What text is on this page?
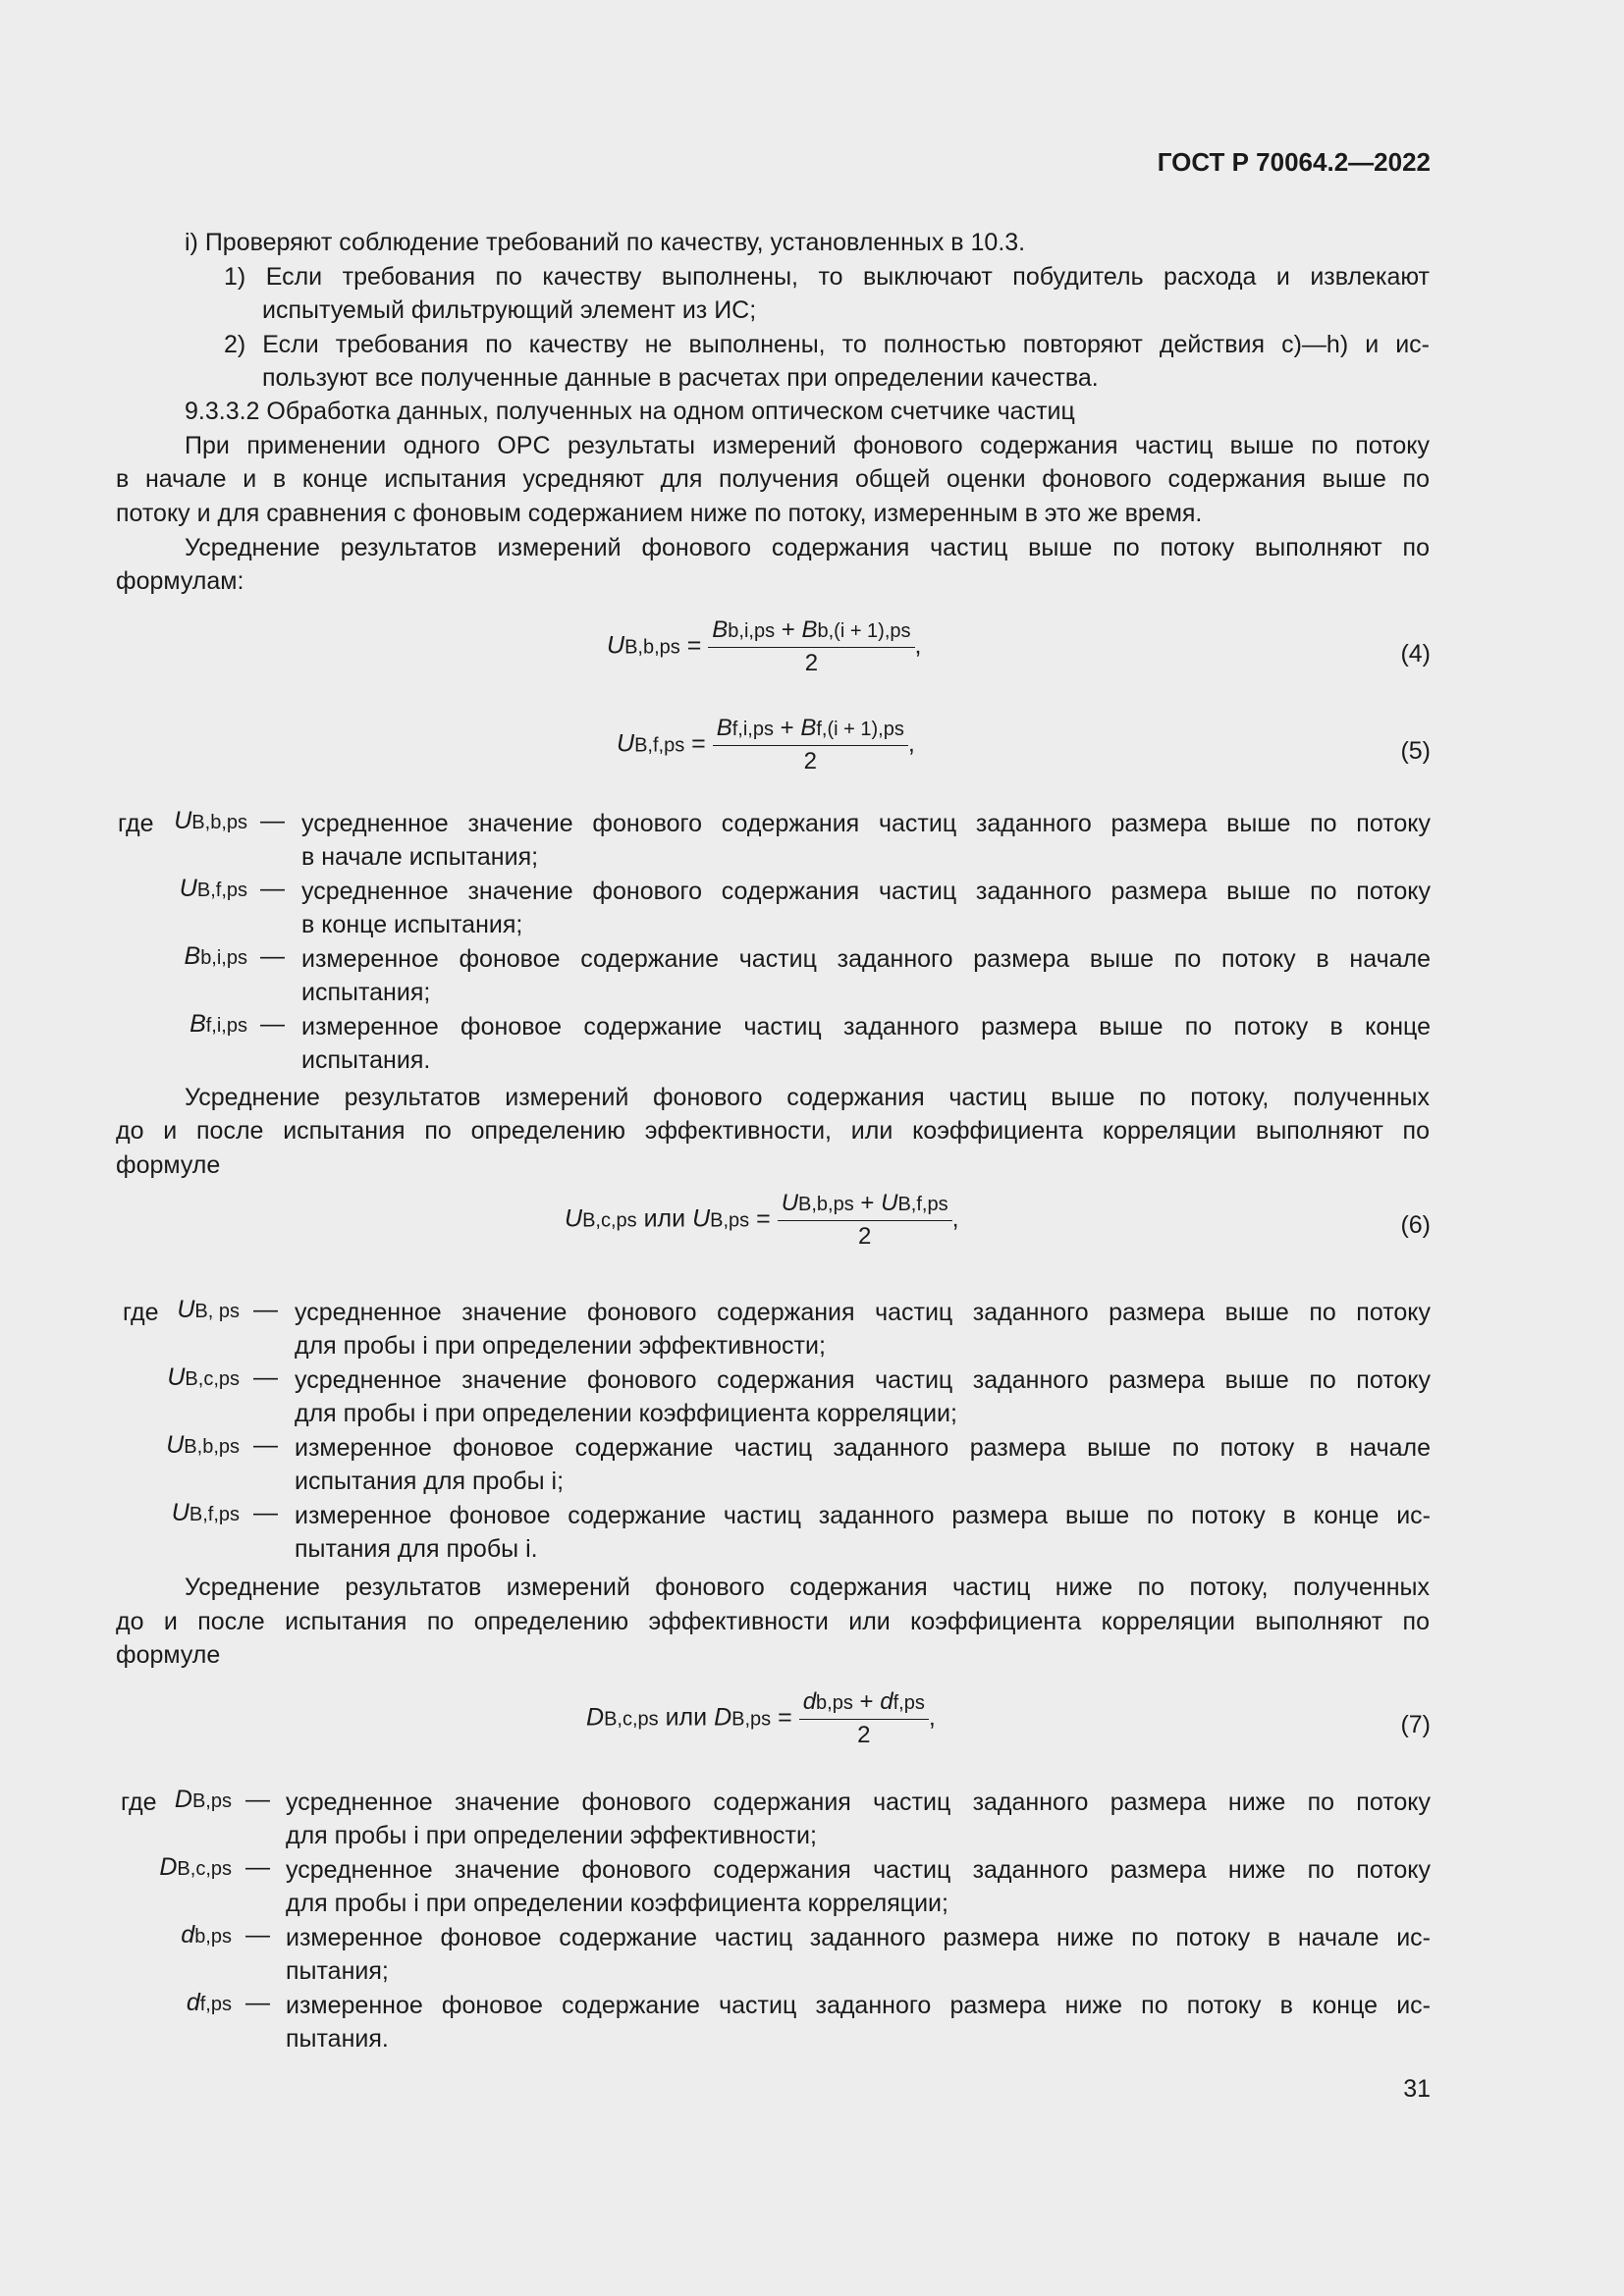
ГОСТ Р 70064.2—2022
i) Проверяют соблюдение требований по качеству, установленных в 10.3.
1) Если требования по качеству выполнены, то выключают побудитель расхода и извлекают
испытуемый фильтрующий элемент из ИС;
2) Если требования по качеству не выполнены, то полностью повторяют действия с)—h) и ис-
пользуют все полученные данные в расчетах при определении качества.
9.3.3.2 Обработка данных, полученных на одном оптическом счетчике частиц
При применении одного OPC результаты измерений фонового содержания частиц выше по потоку
в начале и в конце испытания усредняют для получения общей оценки фонового содержания выше по
потоку и для сравнения с фоновым содержанием ниже по потоку, измеренным в это же время.
Усреднение результатов измерений фонового содержания частиц выше по потоку выполняют по
формулам:
$UB,b,ps = \frac{Bb,i,ps + Bb,(i + 1),ps}{2}$ ,	(4)
$UB,f,ps = \frac{Bf,i,ps + Bf,(i + 1),ps}{2}$ ,	(5)
где UB,b,ps — усредненное значение фонового содержания частиц заданного размера выше по потоку
в начале испытания;
UB,f,ps — усредненное значение фонового содержания частиц заданного размера выше по потоку
в конце испытания;
Bb,i,ps — измеренное фоновое содержание частиц заданного размера выше по потоку в начале
испытания;
Bf,i,ps — измеренное фоновое содержание частиц заданного размера выше по потоку в конце
испытания.
Усреднение результатов измерений фонового содержания частиц выше по потоку, полученных
до и после испытания по определению эффективности, или коэффициента корреляции выполняют по
формуле
UB,c,ps или $UB,ps = \frac{UB,b,ps + UB,f,ps}{2}$ ,	(6)
где UB, ps — усредненное значение фонового содержания частиц заданного размера выше по потоку
для пробы i при определении эффективности;
UB,c,ps — усредненное значение фонового содержания частиц заданного размера выше по потоку
для пробы i при определении коэффициента корреляции;
UB,b,ps — измеренное фоновое содержание частиц заданного размера выше по потоку в начале
испытания для пробы i;
UB,f,ps — измеренное фоновое содержание частиц заданного размера выше по потоку в конце ис-
пытания для пробы i.
Усреднение результатов измерений фонового содержания частиц ниже по потоку, полученных
до и после испытания по определению эффективности или коэффициента корреляции выполняют по
формуле
DB,c,ps или $DB,ps = \frac{db,ps + df,ps}{2}$ ,	(7)
где DB,ps — усредненное значение фонового содержания частиц заданного размера ниже по потоку
для пробы i при определении эффективности;
DB,c,ps — усредненное значение фонового содержания частиц заданного размера ниже по потоку
для пробы i при определении коэффициента корреляции;
db,ps — измеренное фоновое содержание частиц заданного размера ниже по потоку в начале ис-
пытания;
df,ps — измеренное фоновое содержание частиц заданного размера ниже по потоку в конце ис-
пытания.
31
